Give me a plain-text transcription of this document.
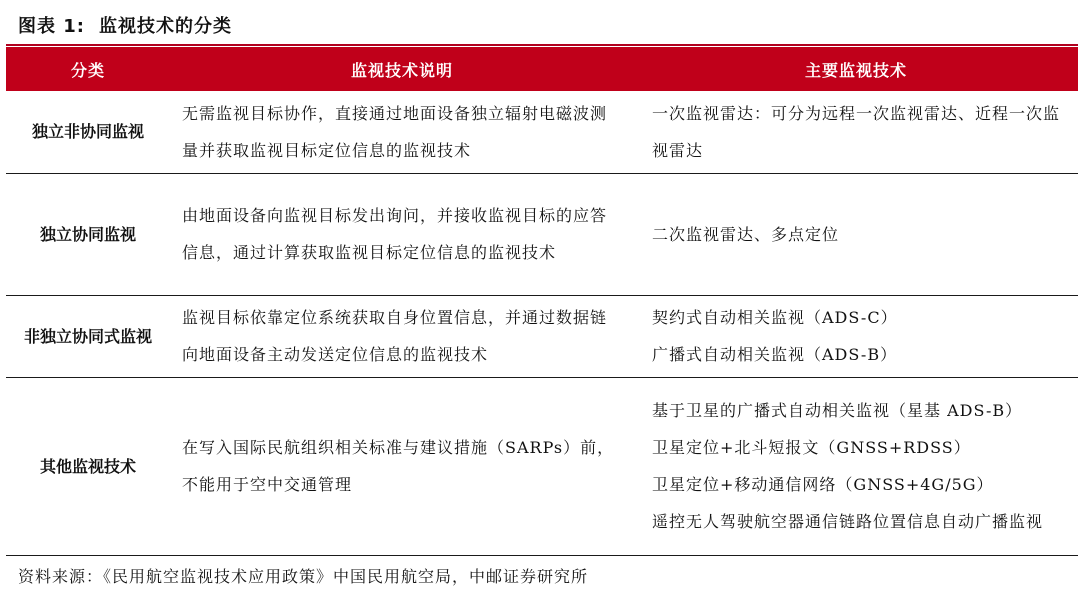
图表 1: 监视技术的分类
分类	监视技术说明	主要监视技术
独立非协同监视	无需监视目标协作，直接通过地面设备独立辐射电磁波测量并获取监视目标定位信息的监视技术	一次监视雷达：可分为远程一次监视雷达、近程一次监视雷达

独立协同监视	由地面设备向监视目标发出询问，并接收监视目标的应答信息，通过计算获取监视目标定位信息的监视技术	二次监视雷达、多点定位

非独立协同式监视	监视目标依靠定位系统获取自身位置信息，并通过数据链向地面设备主动发送定位信息的监视技术	契约式自动相关监视（ADS-C）
广播式自动相关监视（ADS-B）

其他监视技术	在写入国际民航组织相关标准与建议措施（SARPs）前，不能用于空中交通管理	基于卫星的广播式自动相关监视（星基 ADS-B）
卫星定位+北斗短报文（GNSS+RDSS）
卫星定位+移动通信网络（GNSS+4G/5G）
遥控无人驾驶航空器通信链路位置信息自动广播监视
资料来源：《民用航空监视技术应用政策》中国民用航空局，中邮证券研究所
